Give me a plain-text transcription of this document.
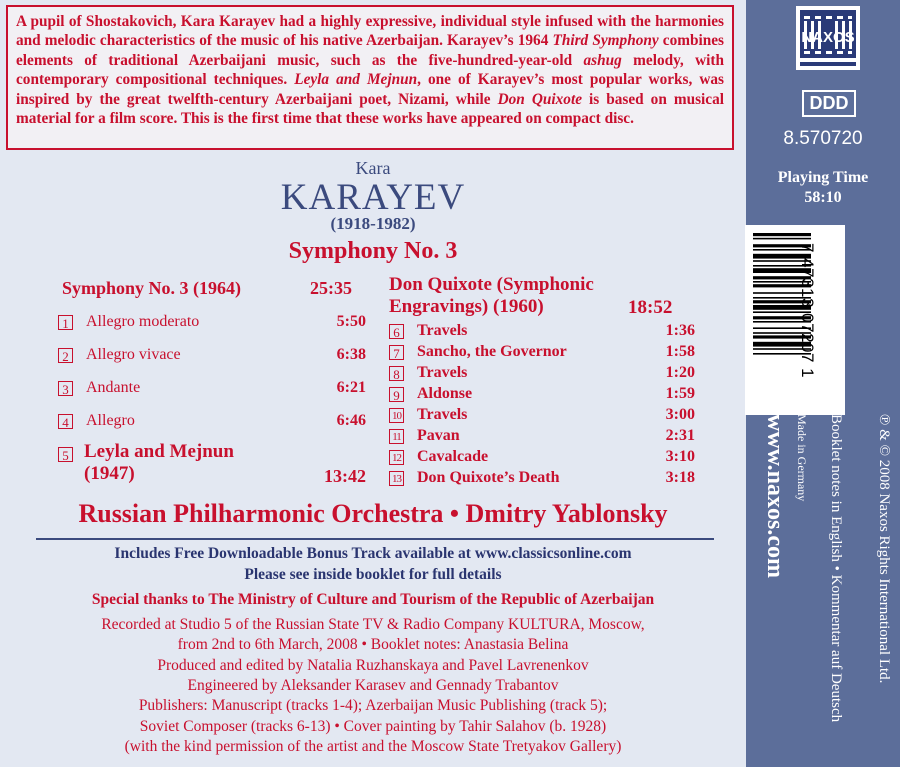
A pupil of Shostakovich, Kara Karayev had a highly expressive, individual style infused with the harmonies and melodic characteristics of the music of his native Azerbaijan. Karayev’s 1964 Third Symphony combines elements of traditional Azerbaijani music, such as the five-hundred-year-old ashug melody, with contemporary compositional techniques. Leyla and Mejnun, one of Karayev’s most popular works, was inspired by the great twelfth-century Azerbaijani poet, Nizami, while Don Quixote is based on musical material for a film score. This is the first time that these works have appeared on compact disc.
Kara
KARAYEV
(1918-1982)
Symphony No. 3
Symphony No. 3 (1964)	25:35
1 Allegro moderato	5:50
2 Allegro vivace	6:38
3 Andante	6:21
4 Allegro	6:46
5 Leyla and Mejnun
(1947)	13:42
Don Quixote (Symphonic
Engravings) (1960)	18:52
6 Travels	1:36
7 Sancho, the Governor	1:58
8 Travels	1:20
9 Aldonse	1:59
10 Travels	3:00
11 Pavan	2:31
12 Cavalcade	3:10
13 Don Quixote’s Death	3:18
Russian Philharmonic Orchestra • Dmitry Yablonsky
Includes Free Downloadable Bonus Track available at www.classicsonline.com
Please see inside booklet for full details
Special thanks to The Ministry of Culture and Tourism of the Republic of Azerbaijan
Recorded at Studio 5 of the Russian State TV & Radio Company KULTURA, Moscow,
from 2nd to 6th March, 2008 • Booklet notes: Anastasia Belina
Produced and edited by Natalia Ruzhanskaya and Pavel Lavrenenkov
Engineered by Aleksander Karasev and Gennady Trabantov
Publishers: Manuscript (tracks 1-4); Azerbaijan Music Publishing (track 5);
Soviet Composer (tracks 6-13) • Cover painting by Tahir Salahov (b. 1928)
(with the kind permission of the artist and the Moscow State Tretyakov Gallery)
NAXOS
DDD
8.570720
Playing Time
58:10
7 47313 07207 1
℗ & © 2008 Naxos Rights International Ltd.
Booklet notes in English • Kommentar auf Deutsch
Made in Germany
www.naxos.com
